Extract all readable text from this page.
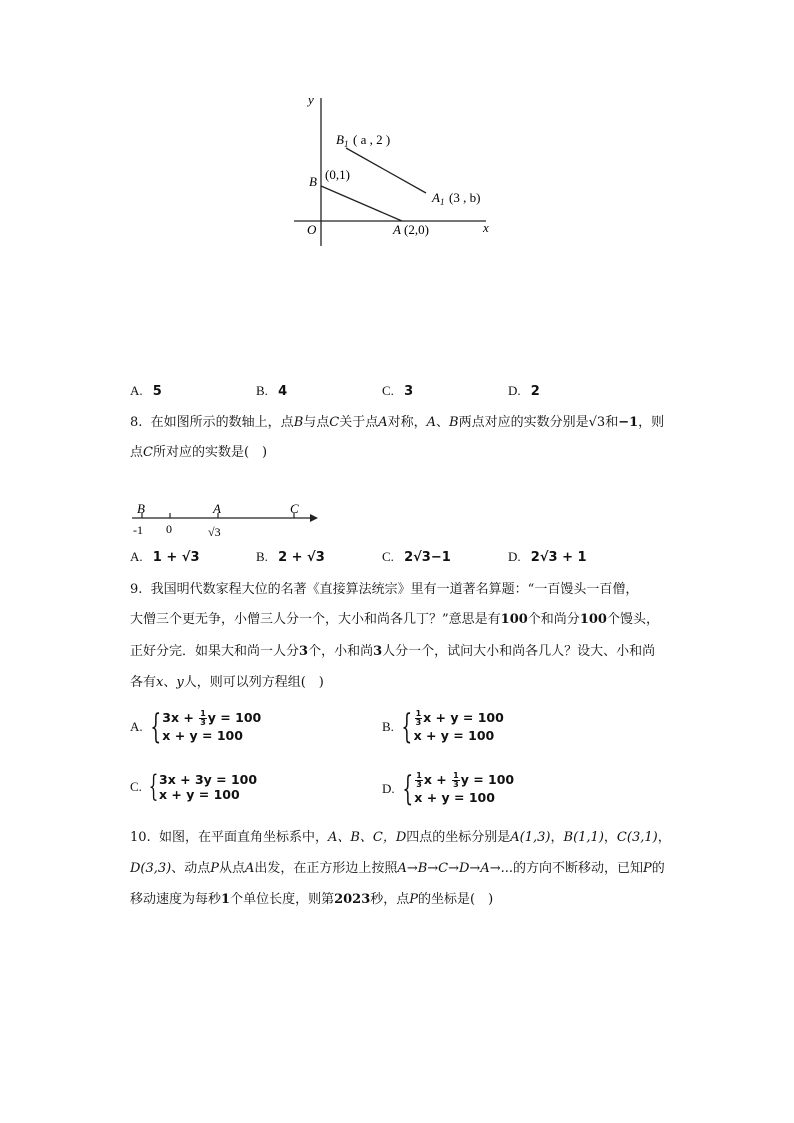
y
x
O
B (0,1)
A (2,0)
$B_1$ ( a , 2 )
$A_1$ (3 , b)
A. 5	B. 4	C. 3	D. 2
8. 在如图所示的数轴上，点B与点C关于点A对称，A、B两点对应的实数分别是√3和−1，则
点C所对应的实数是(　)
B	A	C
-1 0	√3
A. 1 + √3	B. 2 + √3	C. 2√3−1	D. 2√3 + 1
9. 我国明代数家程大位的名著《直接算法统宗》里有一道著名算题：“一百馒头一百僧，
大僧三个更无争，小僧三人分一个，大小和尚各几丁？”意思是有100个和尚分100个馒头，
正好分完．如果大和尚一人分3个，小和尚3人分一个，试问大小和尚各几人？设大、小和尚
各有x、y人，则可以列方程组(　)
A. { $3x + \frac{1}{3}$ y = 100
x + y = 100
B. { $\frac{1}{3}$ x + y = 100
x + y = 100
C. { 3x + 3y = 100
x + y = 100	D. { $\frac{1}{3}$ $x + \frac{1}{3}$ y = 100
x + y = 100
10. 如图，在平面直角坐标系中，A、B、C，D四点的坐标分别是A(1,3)，B(1,1)，C(3,1)，
D(3,3)、动点P从点A出发，在正方形边上按照A→B→C→D→A→...的方向不断移动，已知P的
移动速度为每秒1个单位长度，则第2023秒，点P的坐标是(　)
